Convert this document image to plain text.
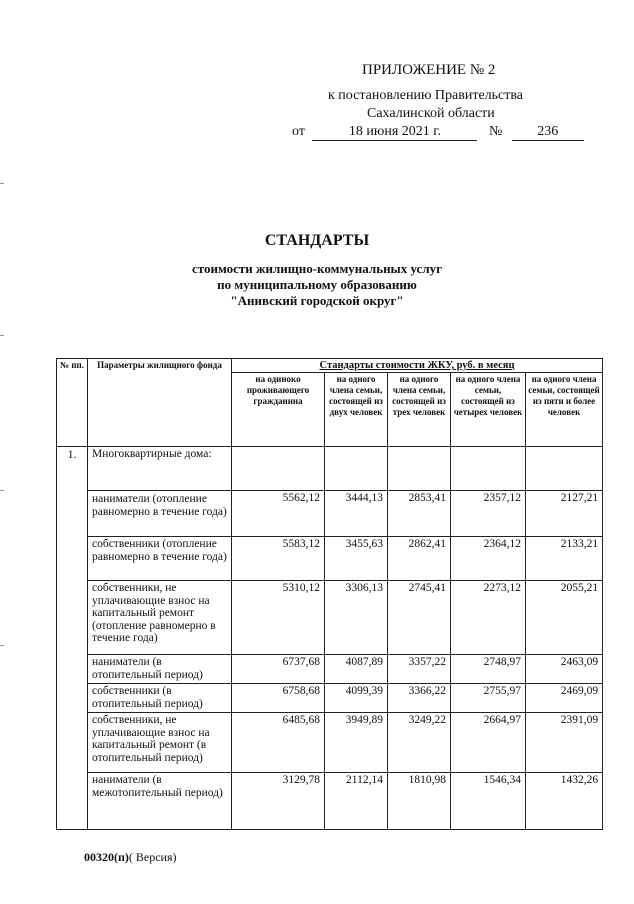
ПРИЛОЖЕНИЕ № 2
к постановлению Правительства
Сахалинской области
от	18 июня 2021 г.	№	236
СТАНДАРТЫ
стоимости жилищно-коммунальных услуг
по муниципальному образованию
"Анивский городской округ"
№ пп.	Параметры жилищного фонда	Стандарты стоимости ЖКУ, руб. в месяц				
		на одиноко проживающего гражданина	на одного члена семьи, состоящей из двух человек	на одного члена семьи, состоящей из трех человек	на одного члена семьи, состоящей из четырех человек	на одного члена семьи, состоящей из пяти и более человек
1.	Многоквартирные дома:					
	наниматели (отопление равномерно в течение года)	5562,12	3444,13	2853,41	2357,12	2127,21
	собственники (отопление равномерно в течение года)	5583,12	3455,63	2862,41	2364,12	2133,21
	собственники, не уплачивающие взнос на капитальный ремонт (отопление равномерно в течение года)	5310,12	3306,13	2745,41	2273,12	2055,21
	наниматели (в отопительный период)	6737,68	4087,89	3357,22	2748,97	2463,09
	собственники (в отопительный период)	6758,68	4099,39	3366,22	2755,97	2469,09
	собственники, не уплачивающие взнос на капитальный ремонт (в отопительный период)	6485,68	3949,89	3249,22	2664,97	2391,09
	наниматели (в межотопительный период)	3129,78	2112,14	1810,98	1546,34	1432,26
00320(п)( Версия)
